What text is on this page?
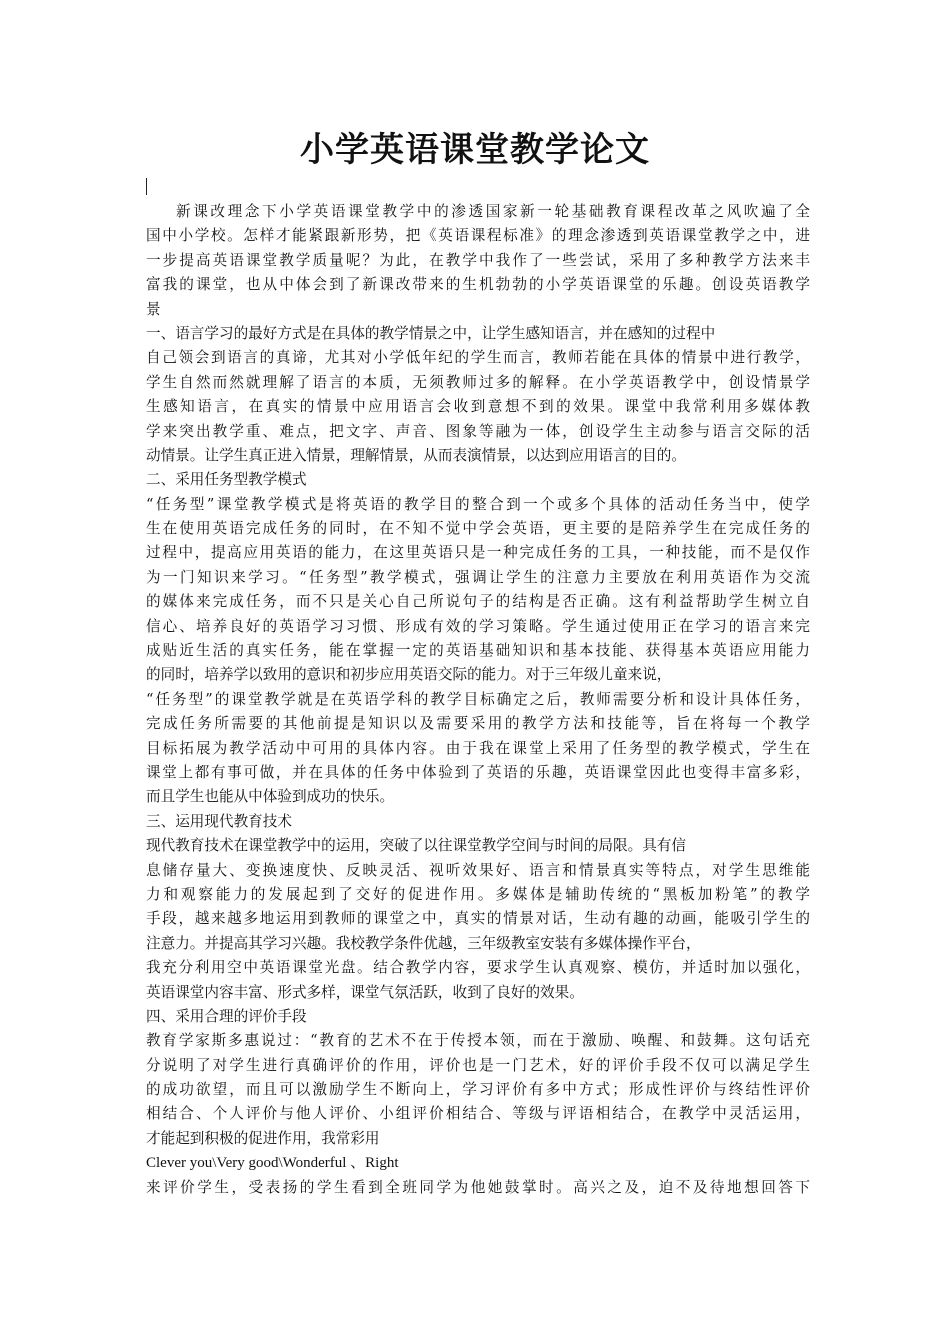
小学英语课堂教学论文
新课改理念下小学英语课堂教学中的渗透国家新一轮基础教育课程改革之风吹遍了全
国中小学校。怎样才能紧跟新形势，把《英语课程标准》的理念渗透到英语课堂教学之中，进
一步提高英语课堂教学质量呢？为此，在教学中我作了一些尝试，采用了多种教学方法来丰
富我的课堂，也从中体会到了新课改带来的生机勃勃的小学英语课堂的乐趣。创设英语教学
景
一、语言学习的最好方式是在具体的教学情景之中，让学生感知语言，并在感知的过程中
自己领会到语言的真谛，尤其对小学低年纪的学生而言，教师若能在具体的情景中进行教学，
学生自然而然就理解了语言的本质，无须教师过多的解释。在小学英语教学中，创设情景学
生感知语言，在真实的情景中应用语言会收到意想不到的效果。课堂中我常利用多媒体教
学来突出教学重、难点，把文字、声音、图象等融为一体，创设学生主动参与语言交际的活
动情景。让学生真正进入情景，理解情景，从而表演情景，以达到应用语言的目的。
二、采用任务型教学模式
“任务型”课堂教学模式是将英语的教学目的整合到一个或多个具体的活动任务当中，使学
生在使用英语完成任务的同时，在不知不觉中学会英语，更主要的是陪养学生在完成任务的
过程中，提高应用英语的能力，在这里英语只是一种完成任务的工具，一种技能，而不是仅作
为一门知识来学习。“任务型”教学模式，强调让学生的注意力主要放在利用英语作为交流
的媒体来完成任务，而不只是关心自己所说句子的结构是否正确。这有利益帮助学生树立自
信心、培养良好的英语学习习惯、形成有效的学习策略。学生通过使用正在学习的语言来完
成贴近生活的真实任务，能在掌握一定的英语基础知识和基本技能、获得基本英语应用能力
的同时，培养学以致用的意识和初步应用英语交际的能力。对于三年级儿童来说，
“任务型”的课堂教学就是在英语学科的教学目标确定之后，教师需要分析和设计具体任务，
完成任务所需要的其他前提是知识以及需要采用的教学方法和技能等，旨在将每一个教学
目标拓展为教学活动中可用的具体内容。由于我在课堂上采用了任务型的教学模式，学生在
课堂上都有事可做，并在具体的任务中体验到了英语的乐趣，英语课堂因此也变得丰富多彩，
而且学生也能从中体验到成功的快乐。
三、运用现代教育技术
现代教育技术在课堂教学中的运用，突破了以往课堂教学空间与时间的局限。具有信
息储存量大、变换速度快、反映灵活、视听效果好、语言和情景真实等特点，对学生思维能
力和观察能力的发展起到了交好的促进作用。多媒体是辅助传统的“黑板加粉笔”的教学
手段，越来越多地运用到教师的课堂之中，真实的情景对话，生动有趣的动画，能吸引学生的
注意力。并提高其学习兴趣。我校教学条件优越，三年级教室安装有多媒体操作平台，
我充分利用空中英语课堂光盘。结合教学内容，要求学生认真观察、模仿，并适时加以强化，
英语课堂内容丰富、形式多样，课堂气氛活跃，收到了良好的效果。
四、采用合理的评价手段
教育学家斯多惠说过：“教育的艺术不在于传授本领，而在于激励、唤醒、和鼓舞。这句话充
分说明了对学生进行真确评价的作用，评价也是一门艺术，好的评价手段不仅可以满足学生
的成功欲望，而且可以激励学生不断向上，学习评价有多中方式；形成性评价与终结性评价
相结合、个人评价与他人评价、小组评价相结合、等级与评语相结合，在教学中灵活运用，
才能起到积极的促进作用，我常彩用
Clever you\Very good\Wonderful 、Right
来评价学生，受表扬的学生看到全班同学为他她鼓掌时。高兴之及，迫不及待地想回答下
